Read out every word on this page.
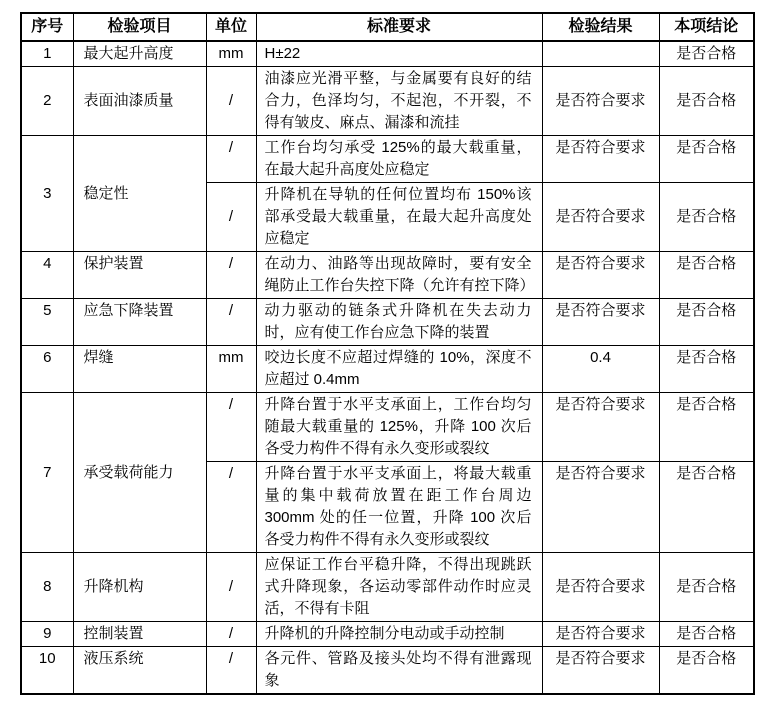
序号	检验项目	单位	标准要求	检验结果	本项结论
1	最大起升高度	mm	H±22		是否合格
2	表面油漆质量	/	油漆应光滑平整，与金属要有良好的结合力，色泽均匀，不起泡，不开裂，不得有皱皮、麻点、漏漆和流挂	是否符合要求	是否合格
3	稳定性	/	工作台均匀承受 125%的最大载重量，在最大起升高度处应稳定	是否符合要求	是否合格
		/	升降机在导轨的任何位置均布 150%该部承受最大载重量，在最大起升高度处应稳定	是否符合要求	是否合格
4	保护装置	/	在动力、油路等出现故障时，要有安全绳防止工作台失控下降（允许有控下降）	是否符合要求	是否合格
5	应急下降装置	/	动力驱动的链条式升降机在失去动力时，应有使工作台应急下降的装置	是否符合要求	是否合格
6	焊缝	mm	咬边长度不应超过焊缝的 10%，深度不应超过 0.4mm	0.4	是否合格
7	承受载荷能力	/	升降台置于水平支承面上，工作台均匀随最大载重量的 125%，升降 100 次后各受力构件不得有永久变形或裂纹	是否符合要求	是否合格
		/	升降台置于水平支承面上，将最大载重量的集中载荷放置在距工作台周边 300mm 处的任一位置，升降 100 次后各受力构件不得有永久变形或裂纹	是否符合要求	是否合格
8	升降机构	/	应保证工作台平稳升降，不得出现跳跃式升降现象，各运动零部件动作时应灵活，不得有卡阻	是否符合要求	是否合格
9	控制装置	/	升降机的升降控制分电动或手动控制	是否符合要求	是否合格
10	液压系统	/	各元件、管路及接头处均不得有泄露现象	是否符合要求	是否合格
